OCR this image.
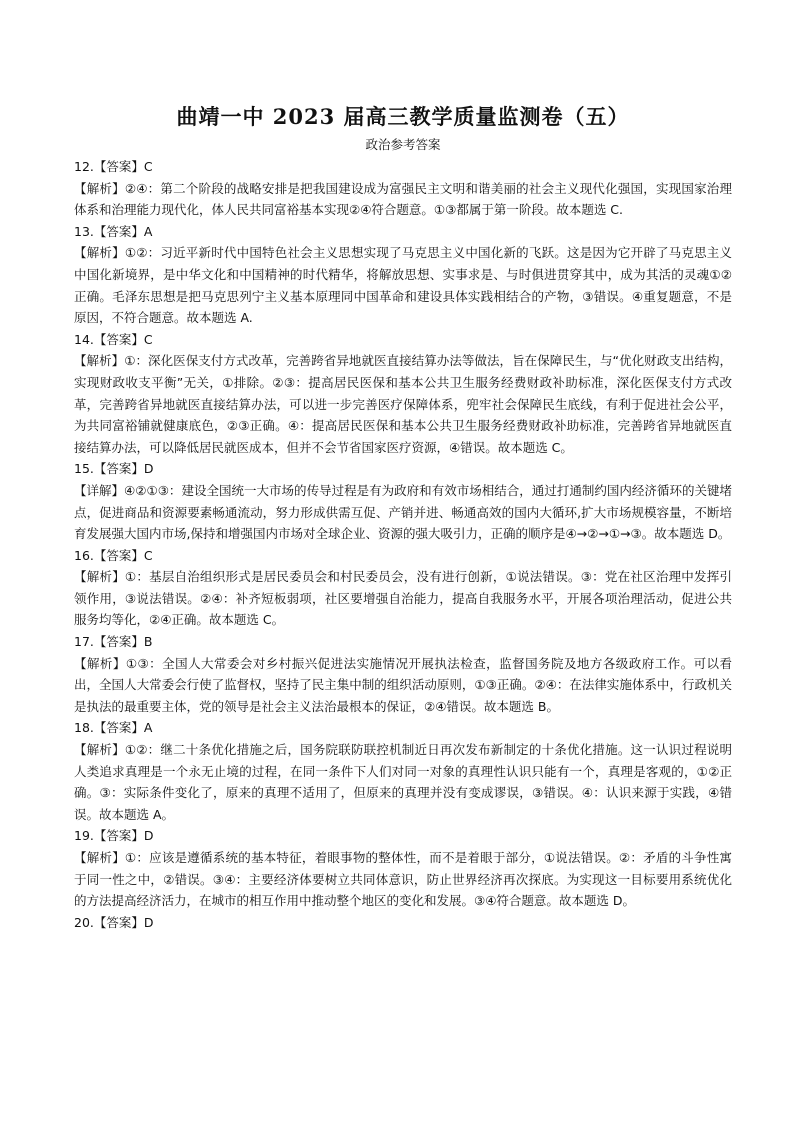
曲靖一中 2023 届高三教学质量监测卷（五）
政治参考答案

12.【答案】C

【解析】②④：第二个阶段的战略安排是把我国建设成为富强民主文明和谐美丽的社会主义现代化强国，实现国家治理体系和治理能力现代化，体人民共同富裕基本实现②④符合题意。①③都属于第一阶段。故本题选 C.

13.【答案】A

【解析】①②：习近平新时代中国特色社会主义思想实现了马克思主义中国化新的飞跃。这是因为它开辟了马克思主义中国化新境界，是中华文化和中国精神的时代精华，将解放思想、实事求是、与时俱进贯穿其中，成为其活的灵魂①②正确。毛泽东思想是把马克思列宁主义基本原理同中国革命和建设具体实践相结合的产物，③错误。④重复题意，不是原因，不符合题意。故本题选 A.

14.【答案】C

【解析】①：深化医保支付方式改革，完善跨省异地就医直接结算办法等做法，旨在保障民生，与“优化财政支出结构，实现财政收支平衡”无关，①排除。②③：提高居民医保和基本公共卫生服务经费财政补助标准，深化医保支付方式改革，完善跨省异地就医直接结算办法，可以进一步完善医疗保障体系，兜牢社会保障民生底线，有利于促进社会公平，为共同富裕铺就健康底色，②③正确。④：提高居民医保和基本公共卫生服务经费财政补助标准，完善跨省异地就医直接结算办法，可以降低居民就医成本，但并不会节省国家医疗资源，④错误。故本题选 C。

15.【答案】D

【详解】④②①③：建设全国统一大市场的传导过程是有为政府和有效市场相结合，通过打通制约国内经济循环的关键堵点，促进商品和资源要素畅通流动，努力形成供需互促、产销并进、畅通高效的国内大循环,扩大市场规模容量，不断培育发展强大国内市场,保持和增强国内市场对全球企业、资源的强大吸引力，正确的顺序是④→②→①→③。故本题选 D。

16.【答案】C

【解析】①：基层自治组织形式是居民委员会和村民委员会，没有进行创新，①说法错误。③：党在社区治理中发挥引领作用，③说法错误。②④：补齐短板弱项，社区要增强自治能力，提高自我服务水平，开展各项治理活动，促进公共服务均等化，②④正确。故本题选 C。

17.【答案】B

【解析】①③：全国人大常委会对乡村振兴促进法实施情况开展执法检查，监督国务院及地方各级政府工作。可以看出，全国人大常委会行使了监督权，坚持了民主集中制的组织活动原则，①③正确。②④：在法律实施体系中，行政机关是执法的最重要主体，党的领导是社会主义法治最根本的保证，②④错误。故本题选 B。

18.【答案】A

【解析】①②：继二十条优化措施之后，国务院联防联控机制近日再次发布新制定的十条优化措施。这一认识过程说明人类追求真理是一个永无止境的过程，在同一条件下人们对同一对象的真理性认识只能有一个，真理是客观的，①②正确。③：实际条件变化了，原来的真理不适用了，但原来的真理并没有变成谬误，③错误。④：认识来源于实践，④错误。故本题选 A。

19.【答案】D

【解析】①：应该是遵循系统的基本特征，着眼事物的整体性，而不是着眼于部分，①说法错误。②：矛盾的斗争性寓于同一性之中，②错误。③④：主要经济体要树立共同体意识，防止世界经济再次探底。为实现这一目标要用系统优化的方法提高经济活力，在城市的相互作用中推动整个地区的变化和发展。③④符合题意。故本题选 D。

20.【答案】D
